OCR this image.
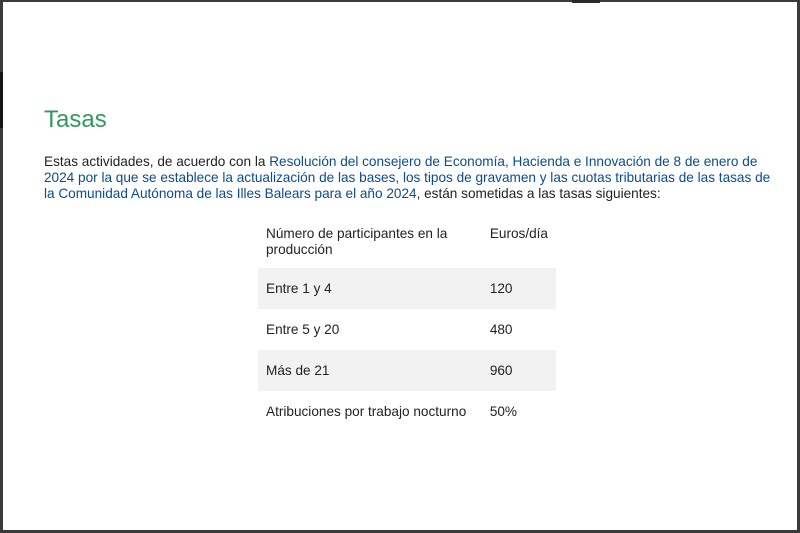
Tasas

Estas actividades, de acuerdo con la Resolución del consejero de Economía, Hacienda e Innovación de 8 de enero de 2024 por la que se establece la actualización de las bases, los tipos de gravamen y las cuotas tributarias de las tasas de la Comunidad Autónoma de las Illes Balears para el año 2024, están sometidas a las tasas siguientes:

Número de participantes en la producción	Euros/día
Entre 1 y 4	120
Entre 5 y 20	480
Más de 21	960
Atribuciones por trabajo nocturno	50%
